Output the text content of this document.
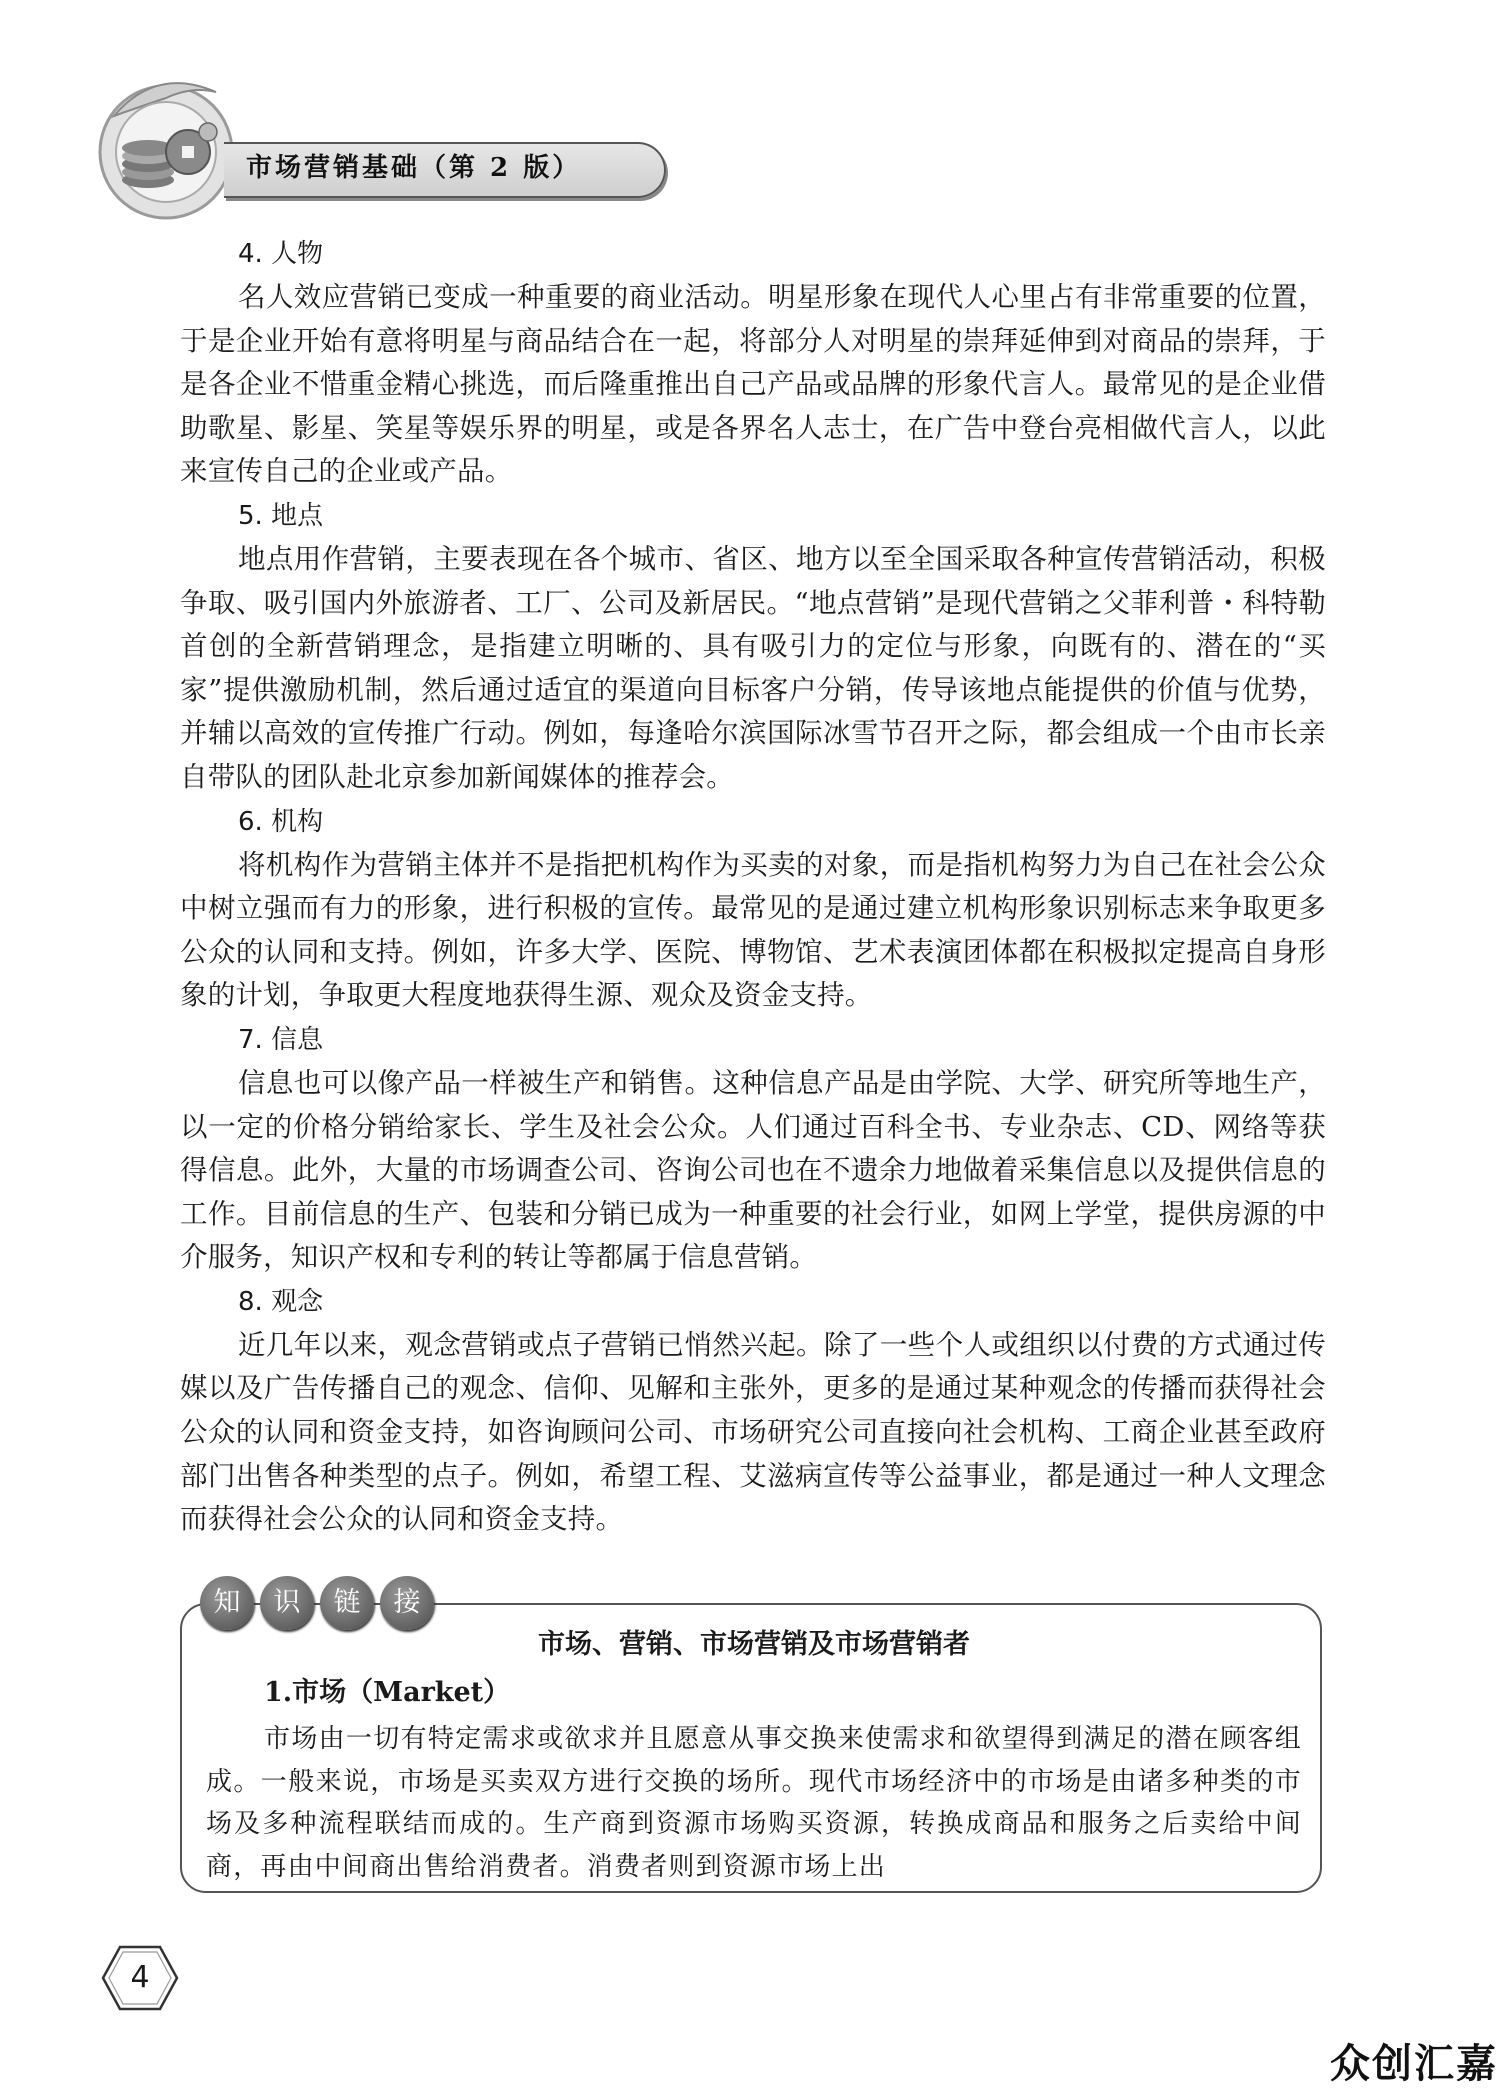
市场营销基础（第 2 版）
4. 人物

名人效应营销已变成一种重要的商业活动。明星形象在现代人心里占有非常重要的位置，于是企业开始有意将明星与商品结合在一起，将部分人对明星的崇拜延伸到对商品的崇拜，于是各企业不惜重金精心挑选，而后隆重推出自己产品或品牌的形象代言人。最常见的是企业借助歌星、影星、笑星等娱乐界的明星，或是各界名人志士，在广告中登台亮相做代言人，以此来宣传自己的企业或产品。

5. 地点

地点用作营销，主要表现在各个城市、省区、地方以至全国采取各种宣传营销活动，积极争取、吸引国内外旅游者、工厂、公司及新居民。“地点营销”是现代营销之父菲利普・科特勒首创的全新营销理念，是指建立明晰的、具有吸引力的定位与形象，向既有的、潜在的“买家”提供激励机制，然后通过适宜的渠道向目标客户分销，传导该地点能提供的价值与优势，并辅以高效的宣传推广行动。例如，每逢哈尔滨国际冰雪节召开之际，都会组成一个由市长亲自带队的团队赴北京参加新闻媒体的推荐会。

6. 机构

将机构作为营销主体并不是指把机构作为买卖的对象，而是指机构努力为自己在社会公众中树立强而有力的形象，进行积极的宣传。最常见的是通过建立机构形象识别标志来争取更多公众的认同和支持。例如，许多大学、医院、博物馆、艺术表演团体都在积极拟定提高自身形象的计划，争取更大程度地获得生源、观众及资金支持。

7. 信息

信息也可以像产品一样被生产和销售。这种信息产品是由学院、大学、研究所等地生产，以一定的价格分销给家长、学生及社会公众。人们通过百科全书、专业杂志、CD、网络等获得信息。此外，大量的市场调查公司、咨询公司也在不遗余力地做着采集信息以及提供信息的工作。目前信息的生产、包装和分销已成为一种重要的社会行业，如网上学堂，提供房源的中介服务，知识产权和专利的转让等都属于信息营销。

8. 观念

近几年以来，观念营销或点子营销已悄然兴起。除了一些个人或组织以付费的方式通过传媒以及广告传播自己的观念、信仰、见解和主张外，更多的是通过某种观念的传播而获得社会公众的认同和资金支持，如咨询顾问公司、市场研究公司直接向社会机构、工商企业甚至政府部门出售各种类型的点子。例如，希望工程、艾滋病宣传等公益事业，都是通过一种人文理念而获得社会公众的认同和资金支持。

知	识	链	接
市场、营销、市场营销及市场营销者
1.市场（Market）

市场由一切有特定需求或欲求并且愿意从事交换来使需求和欲望得到满足的潜在顾客组成。一般来说，市场是买卖双方进行交换的场所。现代市场经济中的市场是由诸多种类的市场及多种流程联结而成的。生产商到资源市场购买资源，转换成商品和服务之后卖给中间商，再由中间商出售给消费者。消费者则到资源市场上出

4
众创汇嘉
